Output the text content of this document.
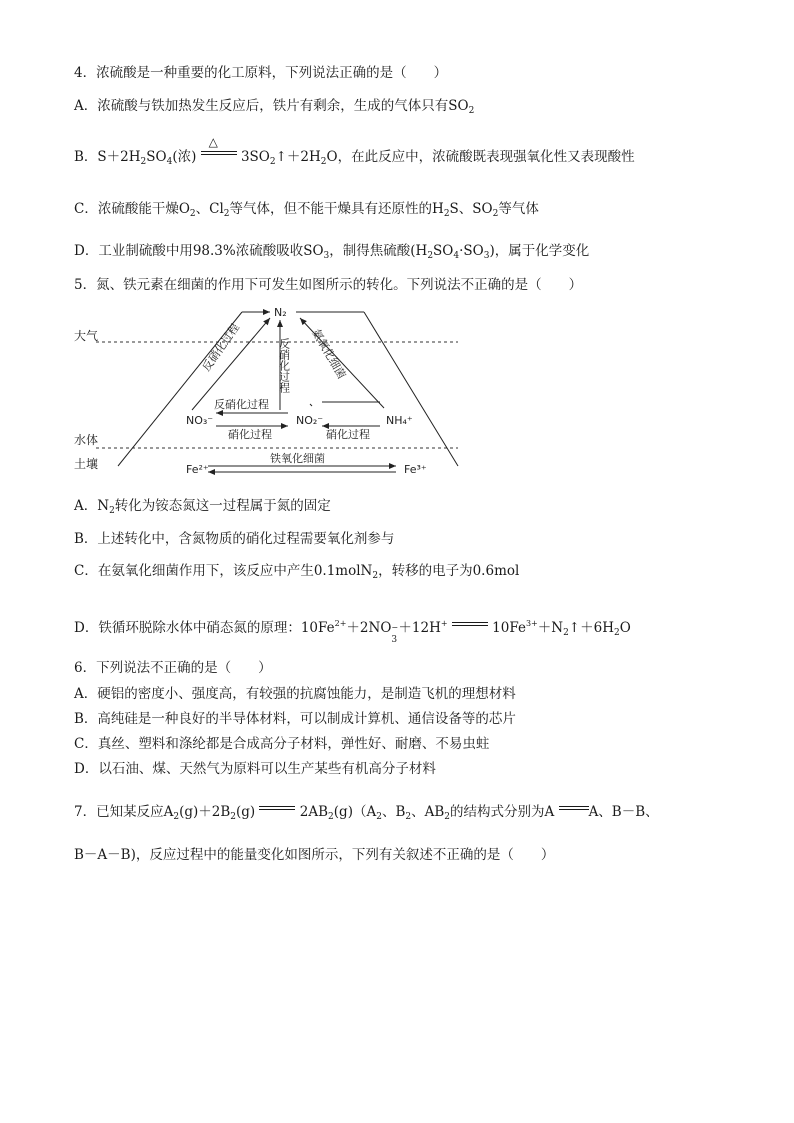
4．浓硫酸是一种重要的化工原料，下列说法正确的是（　　）
A．浓硫酸与铁加热发生反应后，铁片有剩余，生成的气体只有$SO_2$
B．$S+2H_2SO_4$(浓)
△
$3SO_2↑+2H_2O$，在此反应中，浓硫酸既表现强氧化性又表现酸性
C．浓硫酸能干燥$O_2$、$Cl_2$等气体，但不能干燥具有还原性的$H_2S$、$SO_2$等气体
D．工业制硫酸中用98.3%浓硫酸吸收$SO_3$，制得焦硫酸$(H_2SO_4\cdot SO_3)$，属于化学变化
5．氮、铁元素在细菌的作用下可发生如图所示的转化。下列说法不正确的是（　　）
大气
水体
土壤
N₂
NO₃⁻	NO₂⁻	NH₄⁺
Fe²⁺	Fe³⁺
反硝化过程	反硝化过程 氨氧化细菌
反硝化过程
硝化过程	硝化过程
铁氧化细菌
A．$N_2$转化为铵态氮这一过程属于氮的固定
B．上述转化中，含氮物质的硝化过程需要氧化剂参与
C．在氨氧化细菌作用下，该反应中产生0.1molN$_2$，转移的电子为0.6mol
D．铁循环脱除水体中硝态氮的原理：$10Fe^{2+}+2NO$ −
3
＋12H+	$10Fe^{3+}+N_2↑+6H_2O$
6．下列说法不正确的是（　　）
A．硬铝的密度小、强度高，有较强的抗腐蚀能力，是制造飞机的理想材料
B．高纯硅是一种良好的半导体材料，可以制成计算机、通信设备等的芯片
C．真丝、塑料和涤纶都是合成高分子材料，弹性好、耐磨、不易虫蛀
D．以石油、煤、天然气为原料可以生产某些有机高分子材料
7．已知某反应$A_2(g)+2B_2(g)$	$2AB_2(g)(A_2$、$B_2$、$AB_2$的结构式分别为A	A、B－B、
B－A－B)，反应过程中的能量变化如图所示，下列有关叙述不正确的是（　　）
